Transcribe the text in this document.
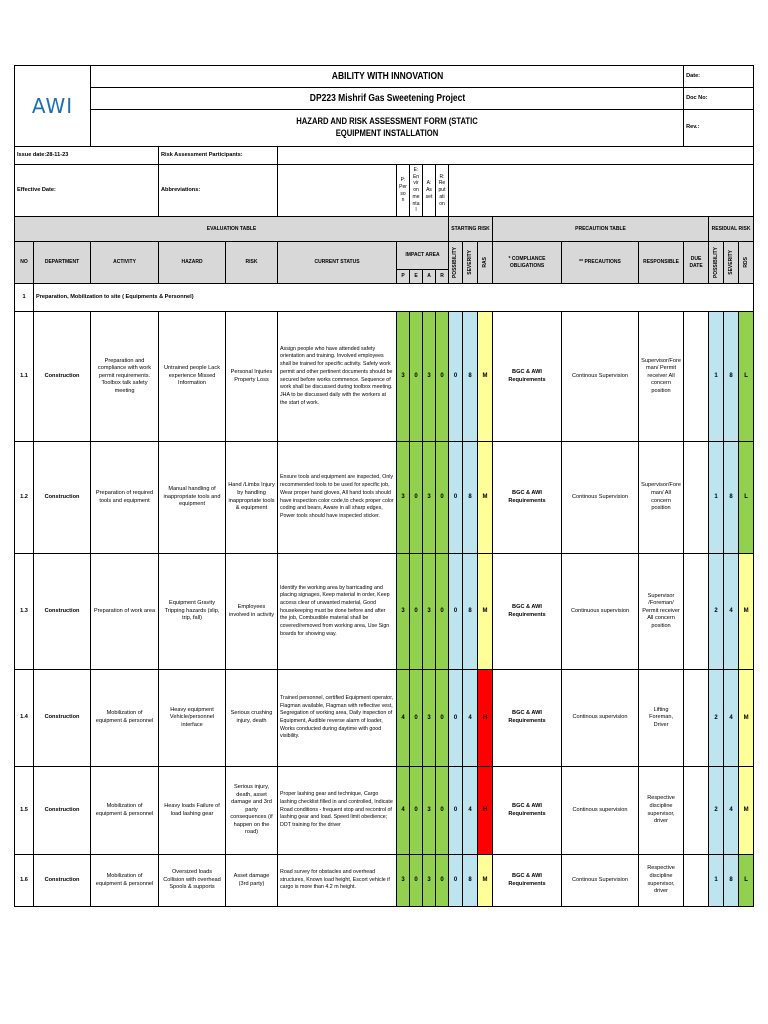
AWI		ABILITY WITH INNOVATION														Date:			
		DP223 Mishrif Gas Sweetening Project														Doc No:			

		HAZARD AND RISK ASSESSMENT FORM (STATIC EQUIPMENT INSTALLATION														Rev.:			
Issue date:28-11-23			Risk Assessment Participants:																
Effective Date:			Abbreviations:			P: Person	E: Environmental	A: Asset	R: Reputation										
EVALUATION TABLE										STARTING RISK			PRECAUTION TABLE				RESIDUAL RISK		
NO	DEPARTMENT	ACTIVITY	HAZARD	RISK	CURRENT STATUS	IMPACT AREA				POSSIBILITY	SEVERITY	RAS	* COMPLIANCE OBLIGATIONS	** PRECAUTIONS	RESPONSIBLE	DUE DATE	POSSIBILITY	SEVERITY	RDS

						P	E	A	R										
1	Preparation, Mobilization to site ( Equipments & Personnel)																		
1.1	Construction	Preparation and compliance with work permit requirements. Toolbox talk safety meeting	Untrained people Lack experience Missed Information	Personal Injuries Property Loss	Assign people who have attended safety orientation and training. Involved employees shall be trained for specific activity. Safety work permit and other pertinent documents should be secured before works commence. Sequence of work shall be discussed during toolbox meeting. JHA to be discussed daily with the workers at the start of work.	3	0	3	0	0	8	M	BGC & AWI Requirements	Continous Supervision	Supervisor/Foreman/ Permit receiver All concern position		1	8	L
1.2	Construction	Preparation of required tools and equipment	Manual handling of inappropriate tools and equipment	Hand /Limbs Injury by handling inappropriate tools & equipment	Ensure tools and equipment are inspected, Only recommended tools to be used for specific job, Wear proper hand gloves, All hand tools should have inspection color code,to check proper color coding and bears, Aware in all sharp edges, Power tools should have inspected sticker.	3	0	3	0	0	8	M	BGC & AWI Requirements	Continous Supervision	Supervisor/Foreman/ All concern position		1	8	L
1.3	Construction	Preparation of work area	Equipment Gravity Tripping hazards (slip, trip, fall)	Employees involved in activity	Identify the working area by barricading and placing signages, Keep material in order, Keep access clear of unwanted material, Good housekeeping must be done before and after the job, Combustible material shall be covered/removed from working area, Use Sign boards for showing way.	3	0	3	0	0	8	M	BGC & AWI Requirements	Continuous supervision	Supervisor /Foreman/ Permit receiver All concern position		2	4	M
1.4	Construction	Mobilization of equipment & personnel	Heavy equipment Vehicle/personnel interface	Serious crushing injury, death	Trained personnel, certified Equipment operator, Flagman available, Flagman with reflective vest, Segregation of working area, Daily inspection of Equipment, Audible reverse alarm of loader, Works conducted during daytime with good visibility.	4	0	3	0	0	4	H	BGC & AWI Requirements	Continous supervision	Lifting Foreman, Driver		2	4	M
1.5	Construction	Mobilization of equipment & personnel	Heavy loads Failure of load lashing gear	Serious injury, death, asset damage and 3rd party consequences (if happen on the road)	Proper lashing gear and technique, Cargo lashing checklist filled in and controlled, Indicate Road conditions - frequent stop and recontrol of lashing gear and load. Speed limit obedience; DDT training for the driver	4	0	3	0	0	4	H	BGC & AWI Requirements	Continous supervision	Respective discipline supervisor, driver		2	4	M
1.6	Construction	Mobilization of equipment & personnel	Oversized loads Collision with overhead Spools & supports	Asset damage (3rd party)	Road survey for obstacles and overhead structures, Known load height, Escort vehicle if cargo is more than 4.2 m height.	3	0	3	0	0	8	M	BGC & AWI Requirements	Continous Supervision	Respective discipline supervisor, driver		1	8	L
